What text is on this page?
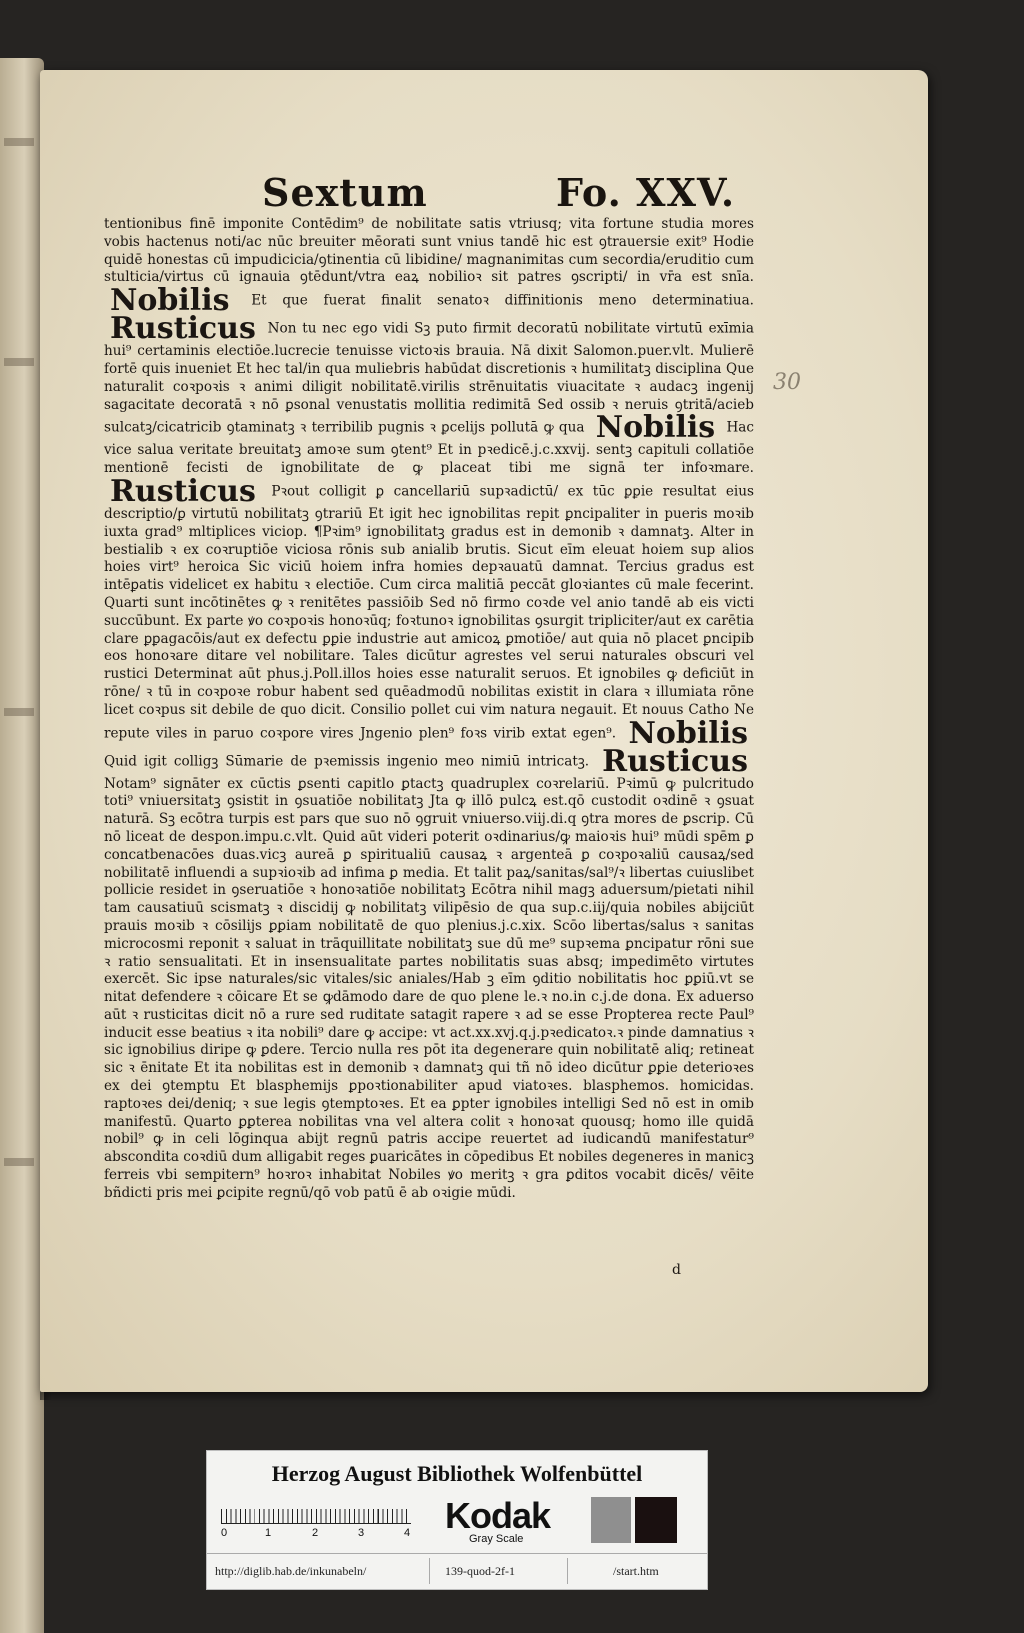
Sextum	Fo. XXV.

tentionibus finē imponite Contēdim⁹ de nobilitate satis vtriusq; vita fortune studia mores vobis hactenus noti/ac nūc breuiter mēorati sunt vnius tandē hic est ꝯtrauersie exit⁹ Hodie quidē honestas cū impudicicia/ꝯtinentia cū libidine/ magnanimitas cum secordia/eruditio cum stulticia/virtus cū ignauia ꝯtēdunt/vtra eaꝝ nobilioꝛ sit patres ꝯscripti/ in vr̄a est snīa. Nobilis Et que fuerat finalit senatoꝛ diffinitionis meno determinatiua. Rusticus Non tu nec ego vidi Sꝫ puto firmit decoratū nobilitate virtutū exīmia hui⁹ certaminis electiōe.lucrecie tenuisse victoꝛis brauia. Nā dixit Salomon.puer.vlt. Mulierē fortē quis inueniet Et hec tal/in qua muliebris habūdat discretionis ꝛ humilitatꝫ disciplina Que naturalit coꝛpoꝛis ꝛ animi diligit nobilitatē.virilis strēnuitatis viuacitate ꝛ audacꝫ ingenij sagacitate decoratā ꝛ nō ꝑsonal venustatis mollitia redimitā Sed ossib ꝛ neruis ꝯtritā/acieb sulcatꝫ/cicatricib ꝯtaminatꝫ ꝛ terribilib pugnis ꝛ ꝑcelijs pollutā ꝙ qua Nobilis Hac vice salua veritate breuitatꝫ amoꝛe sum ꝯtent⁹ Et in pꝛedicē.j.c.xxvij. sentꝫ capituli collatiōe mentionē fecisti de ignobilitate de ꝙ placeat tibi me signā ter infoꝛmare. Rusticus Pꝛout colligit ꝑ cancellariū supꝛadictū/ ex tūc ꝑꝑie resultat eius descriptio/ꝑ virtutū nobilitatꝫ ꝯtrariū Et igit hec ignobilitas repit ꝑncipaliter in pueris moꝛib iuxta grad⁹ mltiplices viciop. ¶Pꝛim⁹ ignobilitatꝫ gradus est in demonib ꝛ damnatꝫ. Alter in bestialib ꝛ ex coꝛruptiōe viciosa rōnis sub anialib brutis. Sicut eīm eleuat hoiem sup alios hoies virt⁹ heroica Sic viciū hoiem infra homies depꝛauatū damnat. Tercius gradus est intēꝑatis videlicet ex habitu ꝛ electiōe. Cum circa malitiā peccāt gloꝛiantes cū male fecerint. Quarti sunt incōtinētes ꝙ ꝛ renitētes passiōib Sed nō firmo coꝛde vel anio tandē ab eis victi succūbunt. Ex parte ꝟo coꝛpoꝛis honoꝛūq; foꝛtunoꝛ ignobilitas ꝯsurgit tripliciter/aut ex carētia clare ꝑꝑagacōis/aut ex defectu ꝑꝑie industrie aut amicoꝝ ꝑmotiōe/ aut quia nō placet ꝑncipib eos honoꝛare ditare vel nobilitare. Tales dicūtur agrestes vel serui naturales obscuri vel rustici Determinat aūt phus.j.Poll.illos hoies esse naturalit seruos. Et ignobiles ꝙ deficiūt in rōne/ ꝛ tū in coꝛpoꝛe robur habent sed quēadmodū nobilitas existit in clara ꝛ illumiata rōne licet coꝛpus sit debile de quo dicit. Consilio pollet cui vim natura negauit. Et nouus Catho Ne repute viles in paruo coꝛpore vires Jngenio plen⁹ foꝛs virib extat egen⁹. Nobilis Quid igit colligꝫ Sūmarie de pꝛemissis ingenio meo nimiū intricatꝫ. Rusticus Notam⁹ signāter ex cūctis ꝑsenti capitlo ꝑtactꝫ quadruplex coꝛrelariū. Pꝛimū ꝙ pulcritudo toti⁹ vniuersitatꝫ ꝯsistit in ꝯsuatiōe nobilitatꝫ Jta ꝙ illō pulcꝝ est.qō custodit oꝛdinē ꝛ ꝯsuat naturā. Sꝫ ecōtra turpis est pars que suo nō ꝯgruit vniuerso.viij.di.q ꝯtra mores de ꝑscrip. Cū nō liceat de despon.impu.c.vlt. Quid aūt videri poterit oꝛdinarius/ꝙ maioꝛis hui⁹ mūdi spēm ꝑ concatbenacōes duas.vicꝫ aureā ꝑ spiritualiū causaꝝ ꝛ argenteā ꝑ coꝛpoꝛaliū causaꝝ/sed nobilitatē influendi a supꝛioꝛib ad infima ꝑ media. Et talit paꝝ/sanitas/sal⁹/ꝛ libertas cuiuslibet pollicie residet in ꝯseruatiōe ꝛ honoꝛatiōe nobilitatꝫ Ecōtra nihil magꝫ aduersum/pietati nihil tam causatiuū scismatꝫ ꝛ discidij ꝙ nobilitatꝫ vilipēsio de qua sup.c.iij/quia nobiles abijciūt prauis moꝛib ꝛ cōsilijs ꝑꝑiam nobilitatē de quo plenius.j.c.xix. Scōo libertas/salus ꝛ sanitas microcosmi reponit ꝛ saluat in trāquillitate nobilitatꝫ sue dū me⁹ supꝛema ꝑncipatur rōni sue ꝛ ratio sensualitati. Et in insensualitate partes nobilitatis suas absq; impedimēto virtutes exercēt. Sic ipse naturales/sic vitales/sic aniales/Hab ꝫ eīm ꝯditio nobilitatis hoc ꝑꝑiū.vt se nitat defendere ꝛ cōicare Et se ꝙdāmodo dare de quo plene le.ꝛ no.in c.j.de dona. Ex aduerso aūt ꝛ rusticitas dicit nō a rure sed ruditate satagit rapere ꝛ ad se esse Propterea recte Paul⁹ inducit esse beatius ꝛ ita nobili⁹ dare ꝙ accipe: vt act.xx.xvj.q.j.pꝛedicatoꝛ.ꝛ pinde damnatius ꝛ sic ignobilius diripe ꝙ ꝑdere. Tercio nulla res pōt ita degenerare quin nobilitatē aliq; retineat sic ꝛ ēnitate Et ita nobilitas est in demonib ꝛ damnatꝫ qui tñ nō ideo dicūtur ꝑꝑie deterioꝛes ex dei ꝯtemptu Et blasphemijs ꝑpoꝛtionabiliter apud viatoꝛes. blasphemos. homicidas. raptoꝛes dei/deniq; ꝛ sue legis ꝯtemptoꝛes. Et ea ꝑpter ignobiles intelligi Sed nō est in omib manifestū. Quarto ꝑꝑterea nobilitas vna vel altera colit ꝛ honoꝛat quousq; homo ille quidā nobil⁹ ꝙ in celi lōginqua abijt regnū patris accipe reuertet ad iudicandū manifestatur⁹ abscondita coꝛdiū dum alligabit reges ꝑuaricātes in cōpedibus Et nobiles degeneres in manicꝫ ferreis vbi sempitern⁹ hoꝛroꝛ inhabitat Nobiles ꝟo meritꝫ ꝛ gra ꝑditos vocabit dicēs/ vēite bñdicti pris mei ꝑcipite regnū/qō vob patū ē ab oꝛigie mūdi.

d
30
Herzog August Bibliothek Wolfenbüttel
0	1	2	3	4 Kodak
Gray Scale
http://diglib.hab.de/inkunabeln/	139-quod-2f-1	/start.htm
